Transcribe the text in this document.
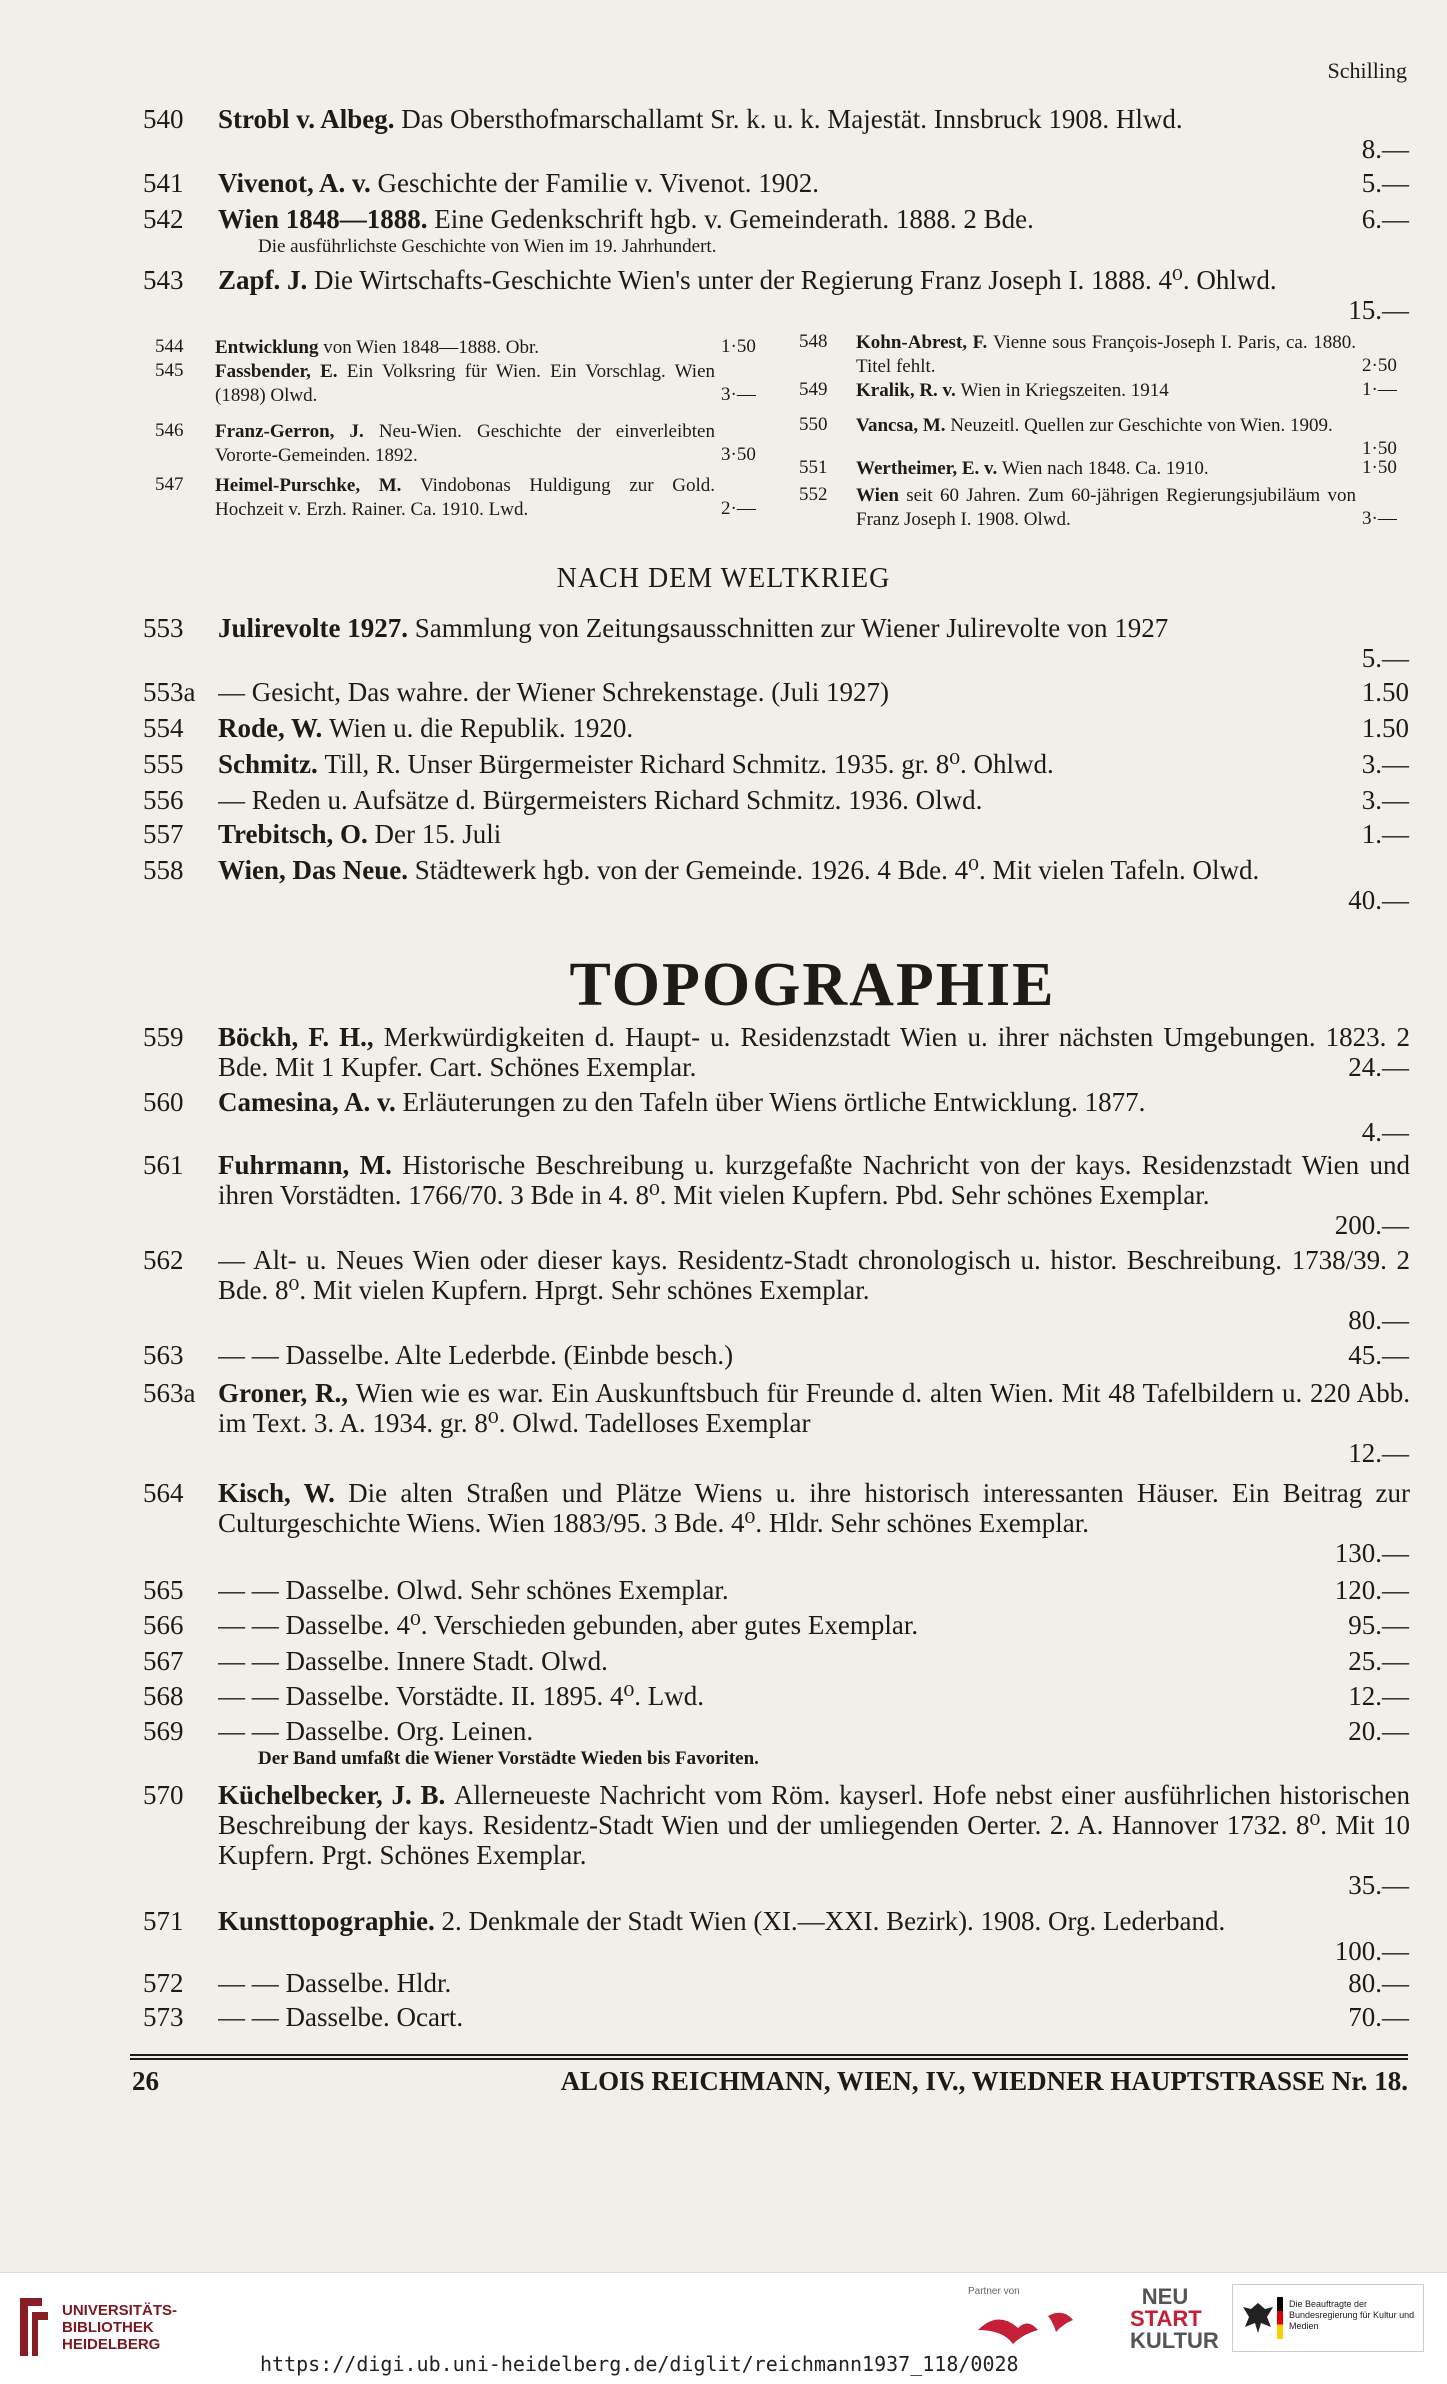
Schilling
540 Strobl v. Albeg. Das Obersthofmarschallamt Sr. k. u. k. Majestät. Innsbruck 1908. Hlwd.
8.—
541 Vivenot, A. v. Geschichte der Familie v. Vivenot. 1902.	5.—
542 Wien 1848—1888. Eine Gedenkschrift hgb. v. Gemeinderath. 1888. 2 Bde.	6.—
Die ausführlichste Geschichte von Wien im 19. Jahrhundert.
543 Zapf. J. Die Wirtschafts-Geschichte Wien's unter der Regierung Franz Joseph I. 1888. 4⁰. Ohlwd.
15.—
544 Entwicklung von Wien 1848—1888. Obr.	1·50
545 Fassbender, E. Ein Volksring für Wien. Ein Vorschlag. Wien (1898) Olwd.	3·—
546 Franz-Gerron, J. Neu-Wien. Geschichte der einverleibten Vororte-Gemeinden. 1892.	3·50
547 Heimel-Purschke, M. Vindobonas Huldigung zur Gold. Hochzeit v. Erzh. Rainer. Ca. 1910. Lwd.	2·—
548 Kohn-Abrest, F. Vienne sous François-Joseph I. Paris, ca. 1880. Titel fehlt.	2·50
549 Kralik, R. v. Wien in Kriegszeiten. 1914	1·—
550 Vancsa, M. Neuzeitl. Quellen zur Geschichte von Wien. 1909.
1·50
551 Wertheimer, E. v. Wien nach 1848. Ca. 1910.	1·50
552 Wien seit 60 Jahren. Zum 60-jährigen Regierungsjubiläum von Franz Joseph I. 1908. Olwd.	3·—
NACH DEM WELTKRIEG
553 Julirevolte 1927. Sammlung von Zeitungsausschnitten zur Wiener Julirevolte von 1927
5.—
553a — Gesicht, Das wahre. der Wiener Schrekenstage. (Juli 1927)	1.50
554 Rode, W. Wien u. die Republik. 1920.	1.50
555 Schmitz. Till, R. Unser Bürgermeister Richard Schmitz. 1935. gr. 8⁰. Ohlwd.	3.—
556 — Reden u. Aufsätze d. Bürgermeisters Richard Schmitz. 1936. Olwd.	3.—
557 Trebitsch, O. Der 15. Juli	1.—
558 Wien, Das Neue. Städtewerk hgb. von der Gemeinde. 1926. 4 Bde. 4⁰. Mit vielen Tafeln. Olwd.
40.—
TOPOGRAPHIE
559 Böckh, F. H., Merkwürdigkeiten d. Haupt- u. Residenzstadt Wien u. ihrer nächsten Umgebungen. 1823. 2 Bde. Mit 1 Kupfer. Cart. Schönes Exemplar.	24.—
560 Camesina, A. v. Erläuterungen zu den Tafeln über Wiens örtliche Entwicklung. 1877.
4.—
561 Fuhrmann, M. Historische Beschreibung u. kurzgefaßte Nachricht von der kays. Residenzstadt Wien und ihren Vorstädten. 1766/70. 3 Bde in 4. 8⁰. Mit vielen Kupfern. Pbd. Sehr schönes Exemplar.
200.—
562 — Alt- u. Neues Wien oder dieser kays. Residentz-Stadt chronologisch u. histor. Beschreibung. 1738/39. 2 Bde. 8⁰. Mit vielen Kupfern. Hprgt. Sehr schönes Exemplar.
80.—
563 — — Dasselbe. Alte Lederbde. (Einbde besch.)	45.—
563a Groner, R., Wien wie es war. Ein Auskunftsbuch für Freunde d. alten Wien. Mit 48 Tafelbildern u. 220 Abb. im Text. 3. A. 1934. gr. 8⁰. Olwd. Tadelloses Exemplar
12.—
564 Kisch, W. Die alten Straßen und Plätze Wiens u. ihre historisch interessanten Häuser. Ein Beitrag zur Culturgeschichte Wiens. Wien 1883/95. 3 Bde. 4⁰. Hldr. Sehr schönes Exemplar.
130.—
565 — — Dasselbe. Olwd. Sehr schönes Exemplar.	120.—
566 — — Dasselbe. 4⁰. Verschieden gebunden, aber gutes Exemplar.	95.—
567 — — Dasselbe. Innere Stadt. Olwd.	25.—
568 — — Dasselbe. Vorstädte. II. 1895. 4⁰. Lwd.	12.—
569 — — Dasselbe. Org. Leinen.	20.—
Der Band umfaßt die Wiener Vorstädte Wieden bis Favoriten.
570 Küchelbecker, J. B. Allerneueste Nachricht vom Röm. kayserl. Hofe nebst einer ausführlichen historischen Beschreibung der kays. Residentz-Stadt Wien und der umliegenden Oerter. 2. A. Hannover 1732. 8⁰. Mit 10 Kupfern. Prgt. Schönes Exemplar.
35.—
571 Kunsttopographie. 2. Denkmale der Stadt Wien (XI.—XXI. Bezirk). 1908. Org. Lederband.
100.—
572 — — Dasselbe. Hldr.	80.—
573 — — Dasselbe. Ocart.	70.—
26	ALOIS REICHMANN, WIEN, IV., WIEDNER HAUPTSTRASSE Nr. 18.
UNIVERSITÄTS-
BIBLIOTHEK
HEIDELBERG
Partner von	NEU
START
KULTUR
Die Beauftragte der Bundesregierung für Kultur und Medien
https://digi.ub.uni-heidelberg.de/diglit/reichmann1937_118/0028
